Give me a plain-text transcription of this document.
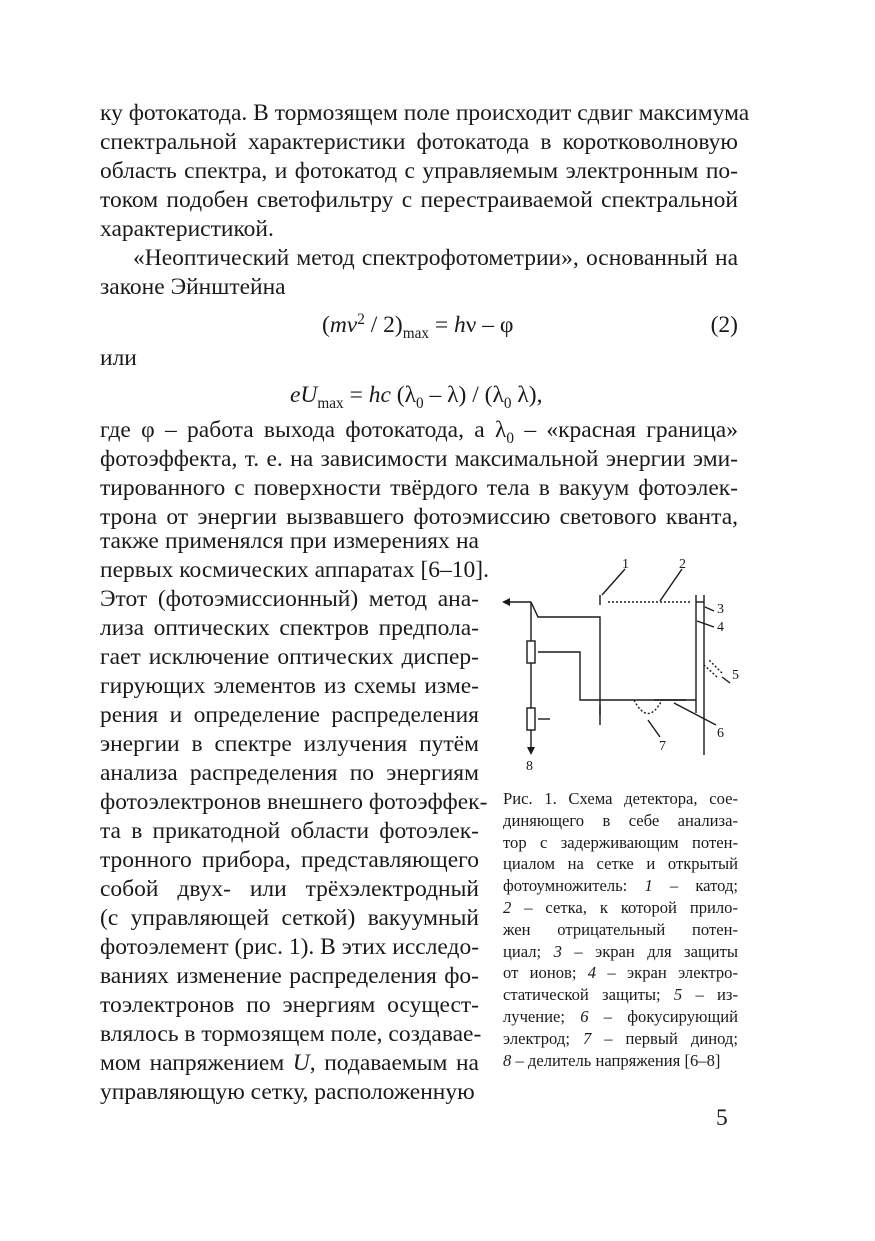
ку фотокатода. В тормозящем поле происходит сдвиг максимума
спектральной характеристики фотокатода в коротковолновую
область спектра, и фотокатод с управляемым электронным по-
током подобен светофильтру с перестраиваемой спектральной
характеристикой.
«Неоптический метод спектрофотометрии», основанный на
законе Эйнштейна
$(mv^2 / 2)_{max} = h\nu - \varphi$	(2)
или
$eU_{max}$ = hc $(\lambda_0 - \lambda) / (\lambda_0$ λ),
где φ – работа выхода фотокатода, а $\lambda_0$ – «красная граница»
фотоэффекта, т. е. на зависимости максимальной энергии эми-
тированного с поверхности твёрдого тела в вакуум фотоэлек-
трона от энергии вызвавшего фотоэмиссию светового кванта,
также применялся при измерениях на
первых космических аппаратах [6–10].
Этот (фотоэмиссионный) метод ана-
лиза оптических спектров предпола-
гает исключение оптических диспер-
гирующих элементов из схемы изме-
рения и определение распределения
энергии в спектре излучения путём
анализа распределения по энергиям
фотоэлектронов внешнего фотоэффек-
та в прикатодной области фотоэлек-
тронного прибора, представляющего
собой двух- или трёхэлектродный
(с управляющей сеткой) вакуумный
фотоэлемент (рис. 1). В этих исследо-
ваниях изменение распределения фо-
тоэлектронов по энергиям осущест-
влялось в тормозящем поле, создавае-
мом напряжением U, подаваемым на
управляющую сетку, расположенную
1	2
3
4
5
6
7
8
Рис. 1. Схема детектора, сое-
диняющего в себе анализа-
тор с задерживающим потен-
циалом на сетке и открытый
фотоумножитель: 1 – катод;
2 – сетка, к которой прило-
жен отрицательный потен-
циал; 3 – экран для защиты
от ионов; 4 – экран электро-
статической защиты; 5 – из-
лучение; 6 – фокусирующий
электрод; 7 – первый динод;
8 – делитель напряжения [6–8]
5
